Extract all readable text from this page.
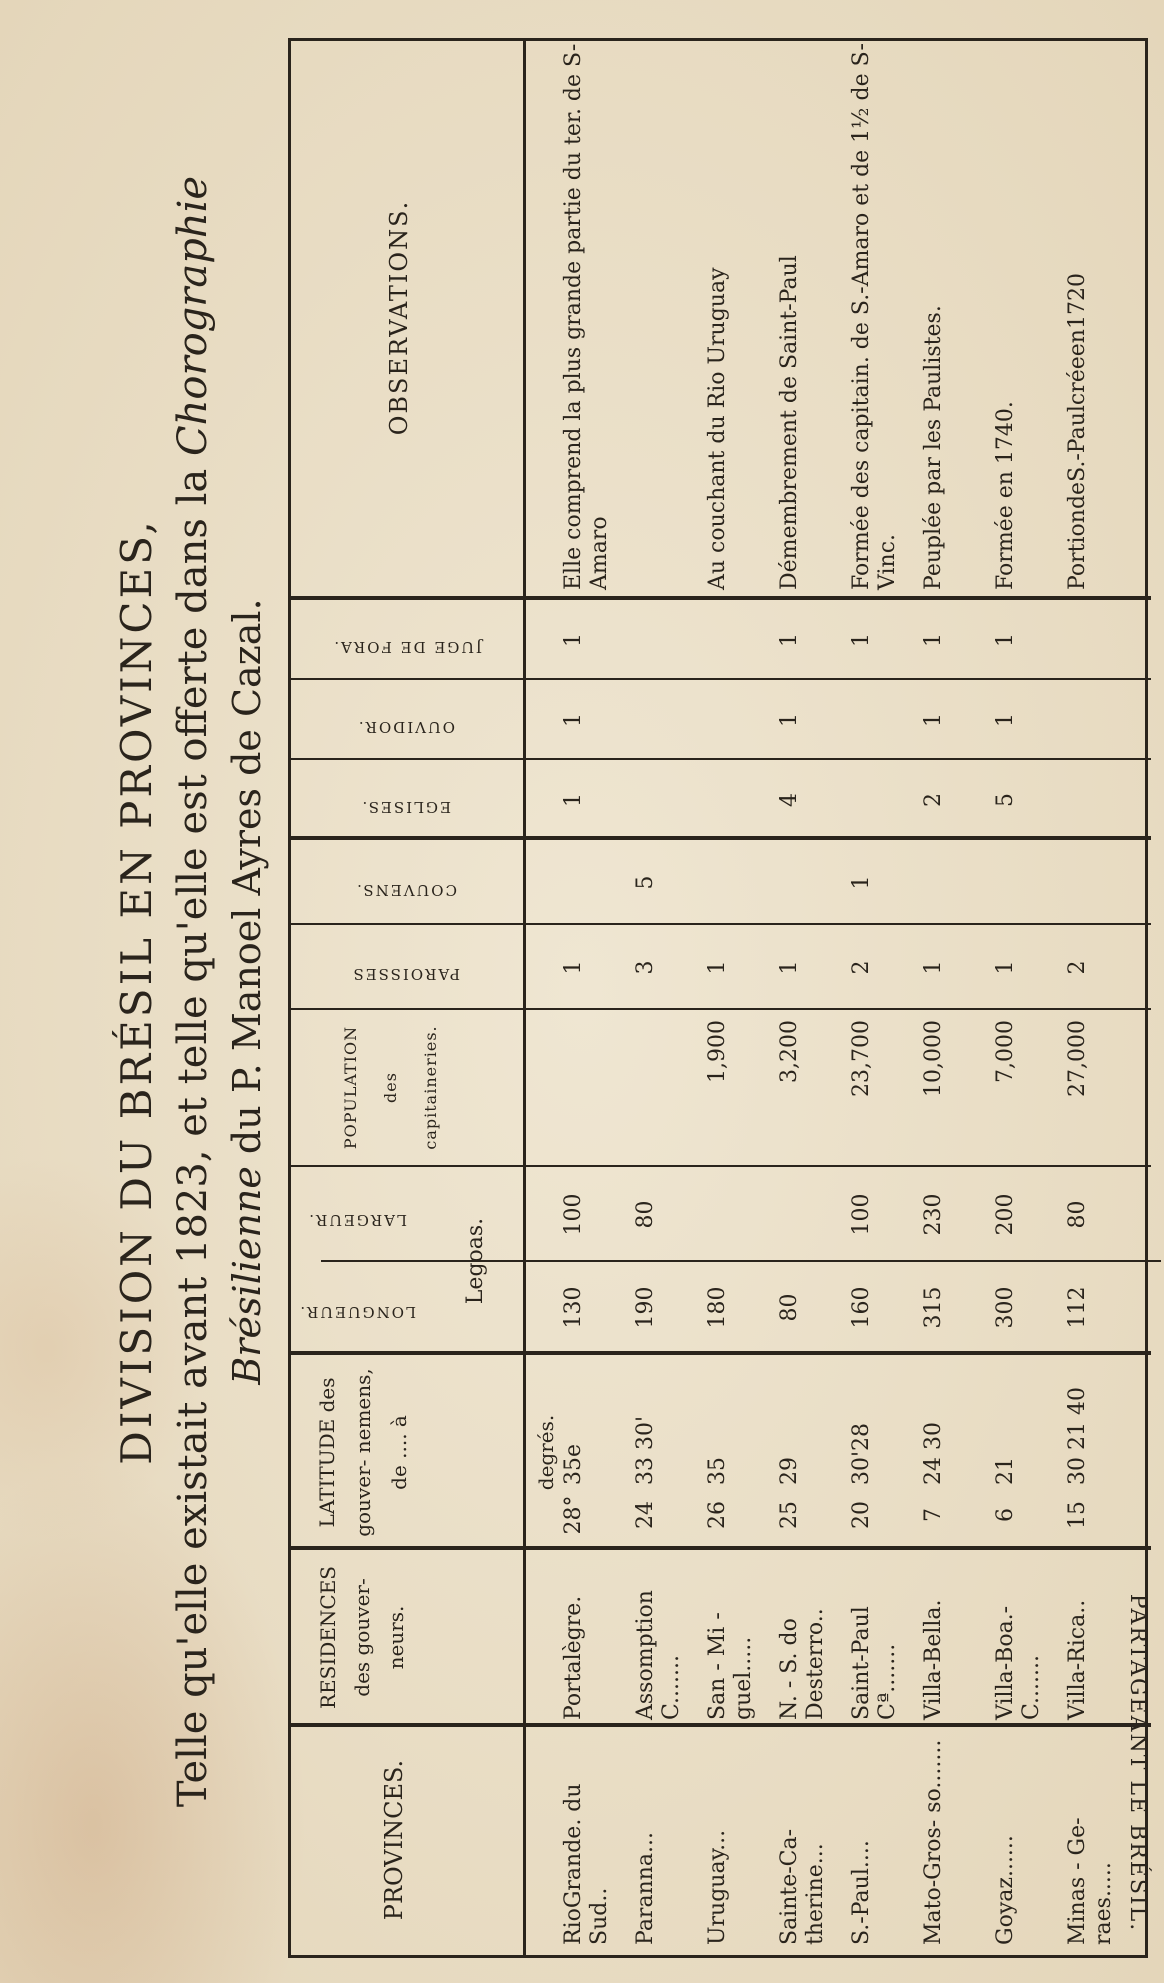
DIVISION DU BRÉSIL EN PROVINCES, Telle qu'elle existait avant 1823, et telle qu'elle est offerte dans la Chorographie
Brésilienne du P. Manoel Ayres de Cazal.
PROVINCES.
RESIDENCES des gouver- neurs.
LATITUDE des gouver- nemens, de .... à	degrés.
LONGUEUR.
LARGEUR.	Legoas.
POPULATION des capitaineries.
PAROISSES
COUVENS.
EGLISES.
OUVIDOR.
JUGE DE FORA.
OBSERVATIONS.
RioGrande. du Sud..
Portalègre.
28°
35e
130
100
1
1
1
1
Elle comprend la plus grande partie du ter. de S-Amaro
Paranna...
Assomption C.......
24
33 30'
190
80
3
5
Uruguay...
San - Mi - guel.....
26
35
180
1,900
1
Au couchant du Rio Uruguay
Sainte-Ca- therine...
N. - S. do Desterro..
25
29
80
3,200
1
4
1
1
Démembrement de Saint-Paul
S.-Paul....
Saint-Paul Cª.......
20
30'28
160
100
23,700
2
1
1
Formée des capitain. de S.-Amaro et de 1½ de S-Vinc.
Mato-Gros- so.......
Villa-Bella.
7
24 30
315
230
10,000
1
2
1
1
Peuplée par les Paulistes.
Goyaz......
Villa-Boa.- C.......
6
21
300
200
7,000
1
5
1
1
Formée en 1740.
Minas - Ge- raes.....
Villa-Rica..
15
30 21 40
112
80
27,000
2
PortiondeS.-Paulcréeen1720
PARTAGEANT LE BRÉSIL.
